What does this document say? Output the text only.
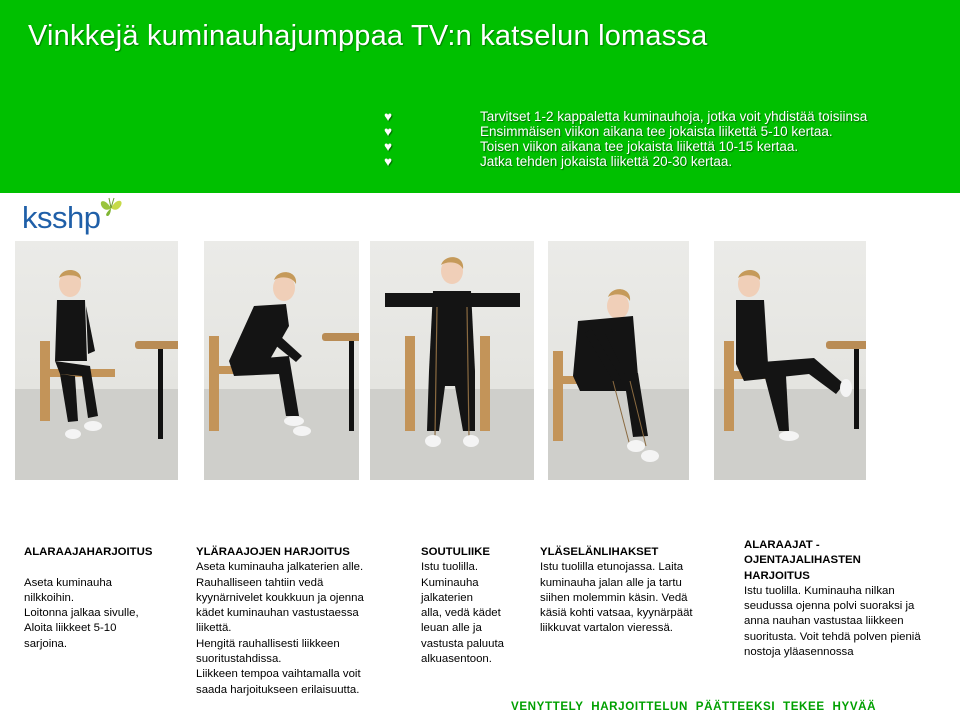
Vinkkejä kuminauhajumppaa TV:n katselun lomassa
♥	Tarvitset 1-2 kappaletta kuminauhoja, jotka voit yhdistää toisiinsa
♥	Ensimmäisen viikon aikana tee jokaista liikettä 5-10 kertaa.
♥	Toisen viikon aikana tee jokaista liikettä 10-15 kertaa.
♥	Jatka tehden jokaista liikettä 20-30 kertaa.
ksshp
ALARAAJAHARJOITUS
Aseta kuminauha
nilkkoihin.
Loitonna jalkaa sivulle,
Aloita liikkeet 5-10
sarjoina.
YLÄRAAJOJEN HARJOITUS
Aseta kuminauha jalkaterien alle.
Rauhalliseen tahtiin vedä
kyynärnivelet koukkuun ja ojenna
kädet kuminauhan vastustaessa
liikettä.
Hengitä rauhallisesti liikkeen
suoritustahdissa.
Liikkeen tempoa vaihtamalla voit
saada harjoitukseen erilaisuutta.
SOUTULIIKE
Istu tuolilla.
Kuminauha
jalkaterien
alla, vedä kädet
leuan alle ja
vastusta paluuta
alkuasentoon.
YLÄSELÄNLIHAKSET
Istu tuolilla etunojassa. Laita
kuminauha jalan alle ja tartu
siihen molemmin käsin. Vedä
käsiä kohti vatsaa, kyynärpäät
liikkuvat vartalon vieressä.
ALARAAJAT -
OJENTAJALIHASTEN
HARJOITUS
Istu tuolilla. Kuminauha nilkan
seudussa ojenna polvi suoraksi ja
anna nauhan vastustaa liikkeen
suoritusta. Voit tehdä polven pieniä
nostoja yläasennossa
VENYTTELY HARJOITTELUN PÄÄTTEEKSI TEKEE HYVÄÄ
